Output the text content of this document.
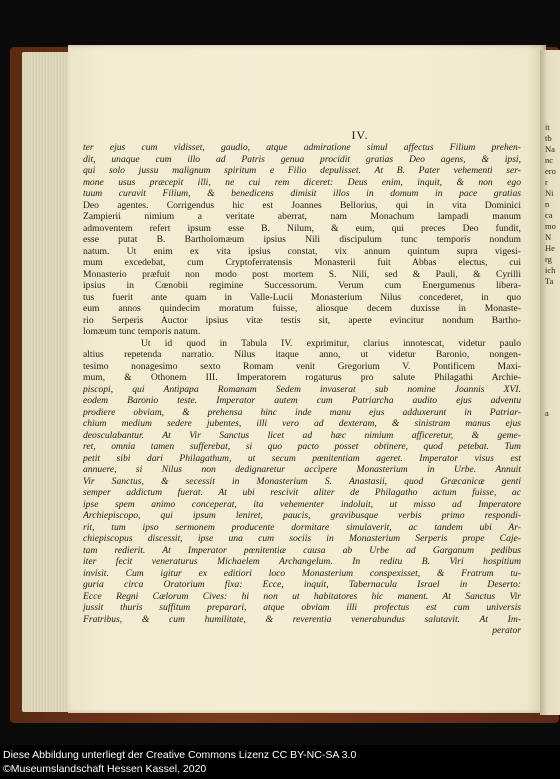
it
tb
Na
nc
ero
r
Ni
n
ca
mo
N
He
rg
ich
Ta

a
IV.
ter ejus cum vidisset, gaudio, atque admiratione simul affectus Filium prehen-
dit, unaque cum illo ad Patris genua procidit gratias Deo agens, & ipsi,
qui solo jussu malignum spiritum e Filio depulisset. At B. Pater vehementi ser-
mone usus præcepit illi, ne cui rem diceret: Deus enim, inquit, & non ego
tuum curavit Filium, & benedicens dimisit illos in domum in pace gratias
Deo agentes. Corrigendus hic est Joannes Bellorius, qui in vita Dominici
Zampierii nimium a veritate aberrat, nam Monachum lampadi manum
admoventem refert ipsum esse B. Nilum, & eum, qui preces Deo fundit,
esse putat B. Bartholomæum ipsius Nili discipulum tunc temporis nondum
natum. Ut enim ex vita ipsius constat, vix annum quintum supra vigesi-
mum excedebat, cum Cryptoferratensis Monasterii fuit Abbas electus, cui
Monasterio præfuit non modo post mortem S. Nili, sed & Pauli, & Cyrilli
ipsius in Cœnobii regimine Successorum. Verum cum Energumenus libera-
tus fuerit ante quam in Valle-Lucii Monasterium Nilus concederet, in quo
eum annos quindecim moratum fuisse, aliosque decem duxisse in Monaste-
rio Serperis Auctor ipsius vitæ testis sit, aperte evincitur nondum Bartho-
lomæum tunc temporis natum.
Ut id quod in Tabula IV. exprimitur, clarius innotescat, videtur paulo
altius repetenda narratio. Nilus itaque anno, ut videtur Baronio, nongen-
tesimo nonagesimo sexto Romam venit Gregorium V. Pontificem Maxi-
mum, & Othonem III. Imperatorem rogaturus pro salute Philagathi Archie-
piscopi, qui Antipapa Romanam Sedem invaserat sub nomine Joannis XVI.
eodem Baronio teste. Imperator autem cum Patriarcha audito ejus adventu
prodiere obviam, & prehensa hinc inde manu ejus adduxerunt in Patriar-
chium medium sedere jubentes, illi vero ad dexteram, & sinistram manus ejus
deosculabantur. At Vir Sanctus licet ad hæc nimium afficeretur, & geme-
ret, omnia tamen sufferebat, si quo pacto posset obtinere, quod petebat. Tum
petit sibi dari Philagathum, ut secum pœnitentiam ageret. Imperator visus est
annuere, si Nilus non dedignaretur accipere Monasterium in Urbe. Annuit
Vir Sanctus, & secessit in Monasterium S. Anastasii, quod Græcanicæ genti
semper addictum fuerat. At ubi rescivit aliter de Philagatho actum fuisse, ac
ipse spem animo conceperat, ita vehementer indoluit, ut misso ad Imperatore
Archiepiscopo, qui ipsum leniret, paucis, gravibusque verbis primo respondi-
rit, tum ipso sermonem producente dormitare simulaverit, ac tandem ubi Ar-
chiepiscopus discessit, ipse una cum sociis in Monasterium Serperis prope Caje-
tam redierit. At Imperator pœnitentiæ causa ab Urbe ad Garganum pedibus
iter fecit veneraturus Michaelem Archangelum. In reditu B. Viri hospitium
invisit. Cum igitur ex editiori loco Monasterium conspexisset, & Fratrum tu-
guria circa Oratorium fixa: Ecce, inquit, Tabernacula Israel in Deserto:
Ecce Regni Cælorum Cives: hi non ut habitatores hic manent. At Sanctus Vir
jussit thuris suffitum preparari, atque obviam illi profectus est cum universis
Fratribus, & cum humilitate, & reverentia venerabundus salutavit. At Im-
perator
Diese Abbildung unterliegt der Creative Commons Lizenz CC BY-NC-SA 3.0
©Museumslandschaft Hessen Kassel, 2020
